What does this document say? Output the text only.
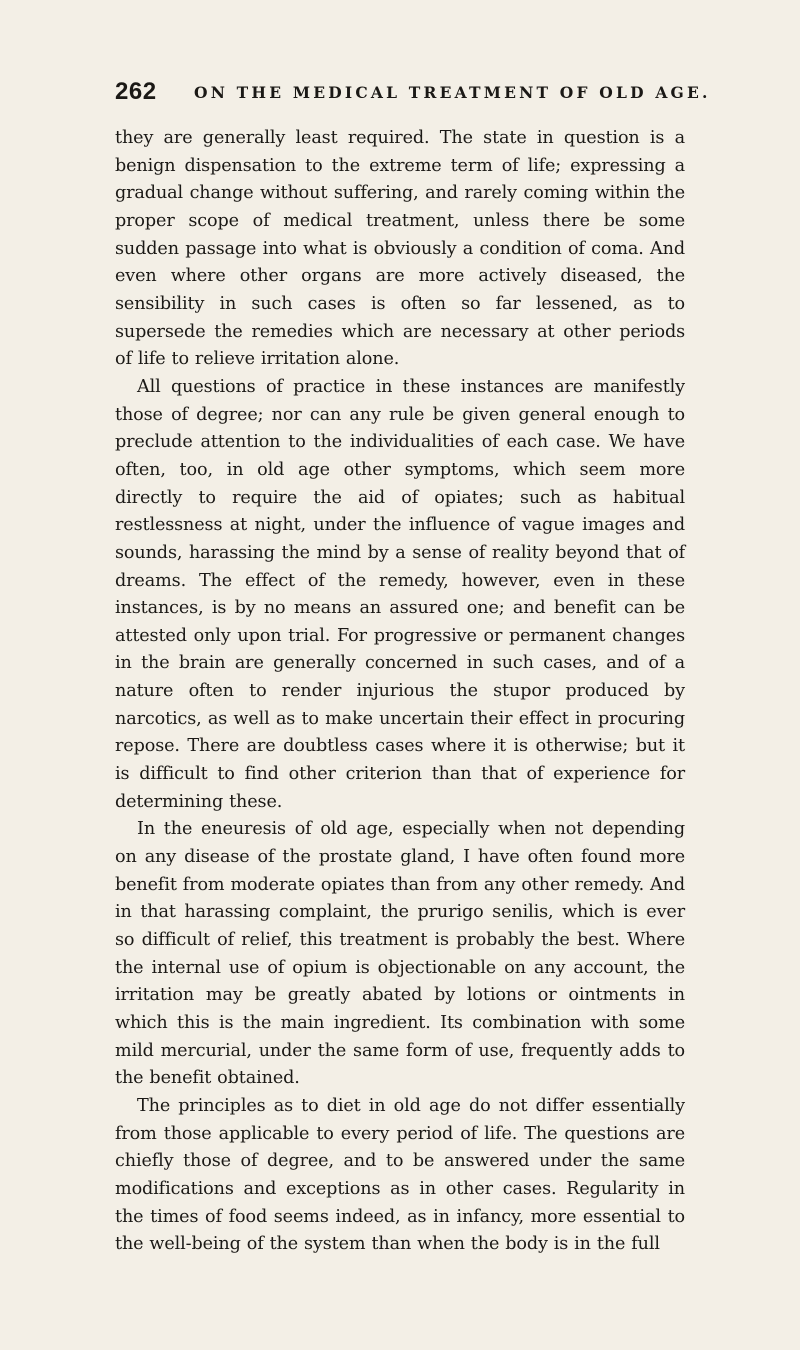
262 ON THE MEDICAL TREATMENT OF OLD AGE.

they are generally least required. The state in question is a benign dispensation to the extreme term of life; expressing a gradual change without suffering, and rarely coming within the proper scope of medical treatment, unless there be some sudden passage into what is obviously a condition of coma. And even where other organs are more actively diseased, the sensibility in such cases is often so far lessened, as to supersede the remedies which are necessary at other periods of life to relieve irritation alone.

All questions of practice in these instances are manifestly those of degree; nor can any rule be given general enough to preclude attention to the individualities of each case. We have often, too, in old age other symptoms, which seem more directly to require the aid of opiates; such as habitual restlessness at night, under the influence of vague images and sounds, harassing the mind by a sense of reality beyond that of dreams. The effect of the remedy, however, even in these instances, is by no means an assured one; and benefit can be attested only upon trial. For progressive or permanent changes in the brain are generally concerned in such cases, and of a nature often to render injurious the stupor produced by narcotics, as well as to make uncertain their effect in procuring repose. There are doubtless cases where it is otherwise; but it is difficult to find other criterion than that of experience for determining these.

In the eneuresis of old age, especially when not depending on any disease of the prostate gland, I have often found more benefit from moderate opiates than from any other remedy. And in that harassing complaint, the prurigo senilis, which is ever so difficult of relief, this treatment is probably the best. Where the internal use of opium is objectionable on any account, the irritation may be greatly abated by lotions or ointments in which this is the main ingredient. Its combination with some mild mercurial, under the same form of use, frequently adds to the benefit obtained.

The principles as to diet in old age do not differ essentially from those applicable to every period of life. The questions are chiefly those of degree, and to be answered under the same modifications and exceptions as in other cases. Regularity in the times of food seems indeed, as in infancy, more essential to the well-being of the system than when the body is in the full
